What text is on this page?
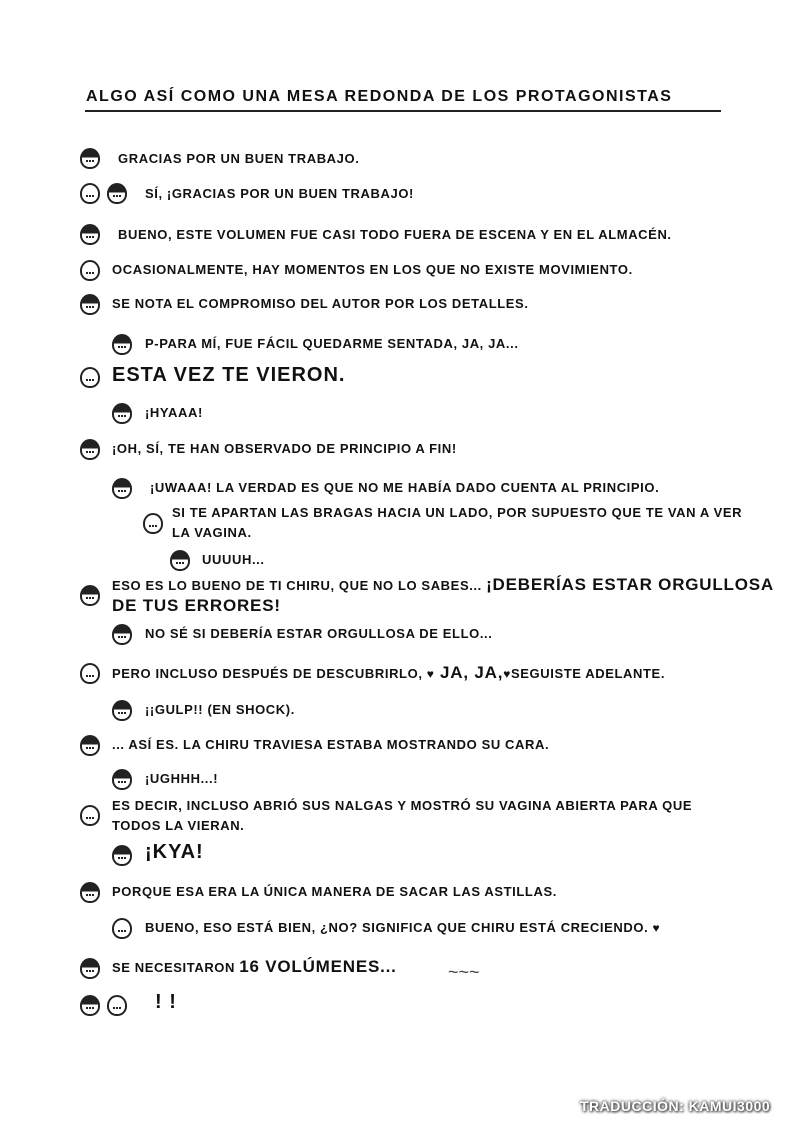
ALGO ASÍ COMO UNA MESA REDONDA DE LOS PROTAGONISTAS
GRACIAS POR UN BUEN TRABAJO.
SÍ, ¡GRACIAS POR UN BUEN TRABAJO!
BUENO, ESTE VOLUMEN FUE CASI TODO FUERA DE ESCENA Y EN EL ALMACÉN.
OCASIONALMENTE, HAY MOMENTOS EN LOS QUE NO EXISTE MOVIMIENTO.
SE NOTA EL COMPROMISO DEL AUTOR POR LOS DETALLES.
P-PARA MÍ, FUE FÁCIL QUEDARME SENTADA, JA, JA...
ESTA VEZ TE VIERON.
¡HYAAA!
¡OH, SÍ, TE HAN OBSERVADO DE PRINCIPIO A FIN!
¡UWAAA! LA VERDAD ES QUE NO ME HABÍA DADO CUENTA AL PRINCIPIO.
SI TE APARTAN LAS BRAGAS HACIA UN LADO, POR SUPUESTO QUE TE VAN A VER
LA VAGINA.
UUUUH...
ESO ES LO BUENO DE TI CHIRU, QUE NO LO SABES... ¡DEBERÍAS ESTAR ORGULLOSA
DE TUS ERRORES!
NO SÉ SI DEBERÍA ESTAR ORGULLOSA DE ELLO...
PERO INCLUSO DESPUÉS DE DESCUBRIRLO, ♥ JA, JA,♥SEGUISTE ADELANTE.
¡¡GULP!! (EN SHOCK).
... ASÍ ES. LA CHIRU TRAVIESA ESTABA MOSTRANDO SU CARA.
¡UGHHH...!
ES DECIR, INCLUSO ABRIÓ SUS NALGAS Y MOSTRÓ SU VAGINA ABIERTA PARA QUE
TODOS LA VIERAN.
¡KYA!
PORQUE ESA ERA LA ÚNICA MANERA DE SACAR LAS ASTILLAS.
BUENO, ESO ESTÁ BIEN, ¿NO? SIGNIFICA QUE CHIRU ESTÁ CRECIENDO. ♥
SE NECESITARON 16 VOLÚMENES...
! !
~~~
TRADUCCIÓN: KAMUI3000
